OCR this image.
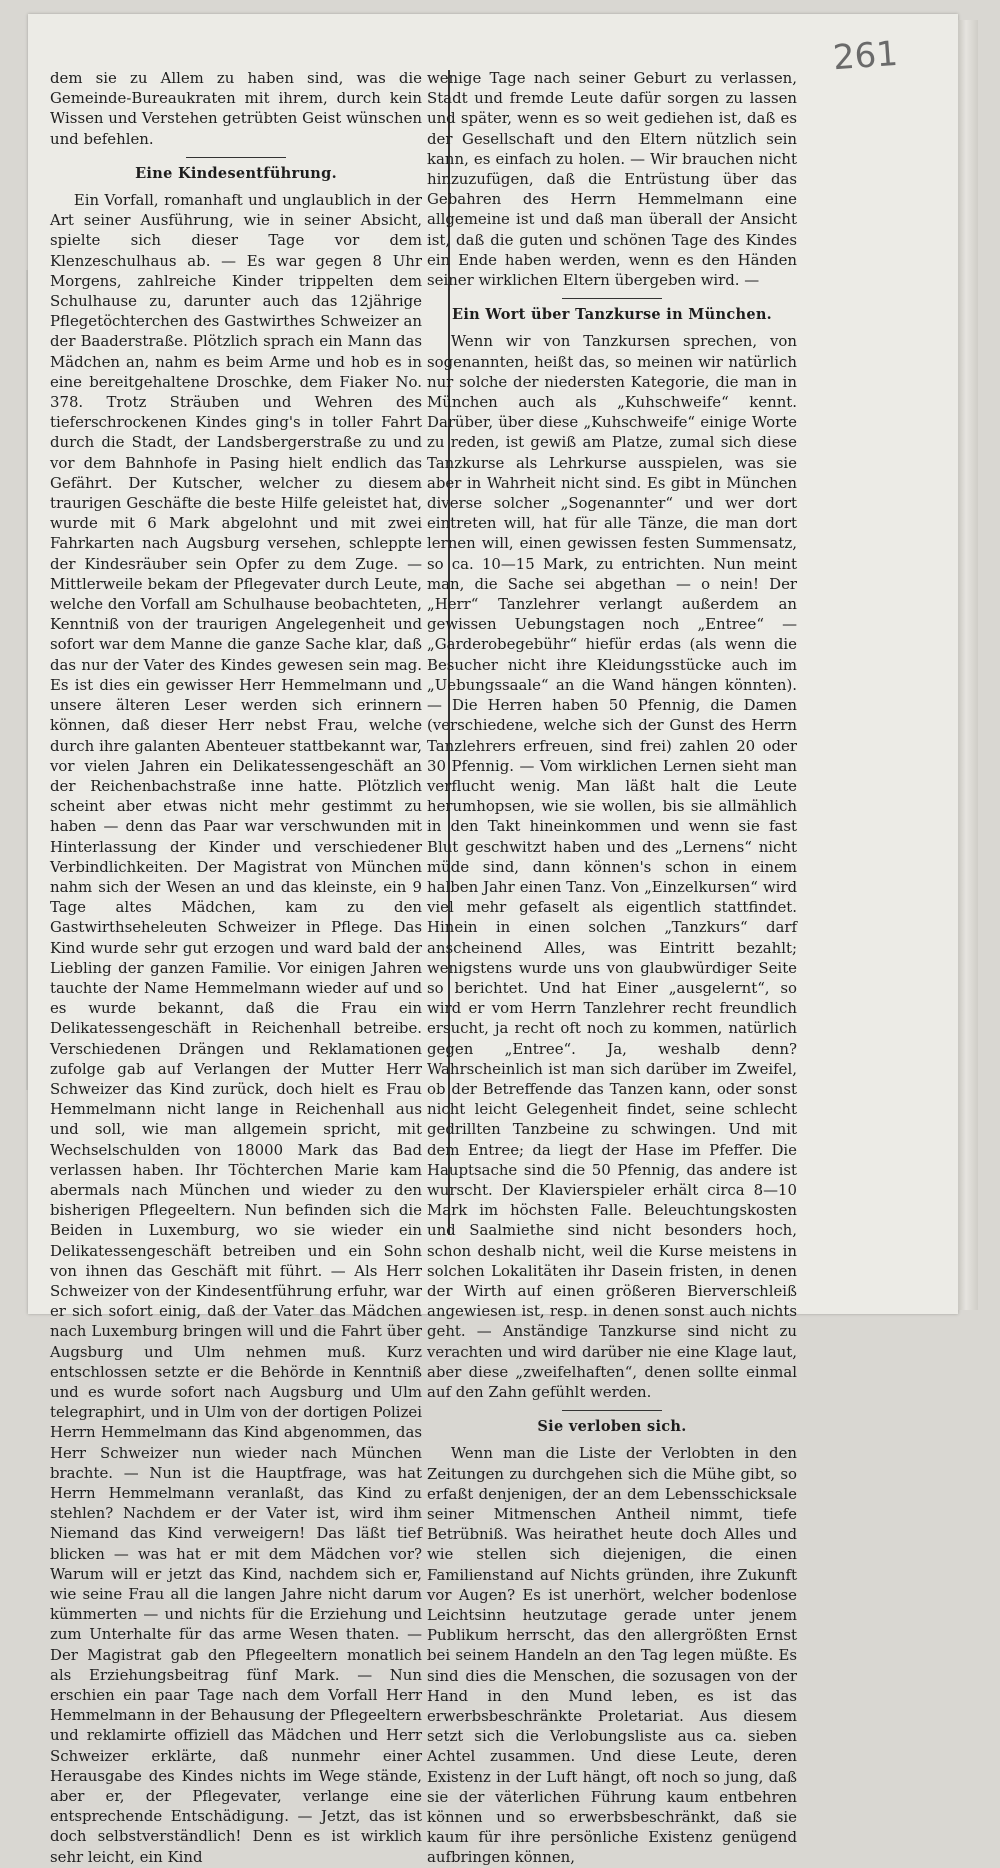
261

dem sie zu Allem zu haben sind, was die Gemeinde-Bureaukraten mit ihrem, durch kein Wissen und Verstehen getrübten Geist wünschen und befehlen.

Eine Kindesentführung.

Ein Vorfall, romanhaft und unglaublich in der Art seiner Ausführung, wie in seiner Absicht, spielte sich dieser Tage vor dem Klenzeschulhaus ab. — Es war gegen 8 Uhr Morgens, zahlreiche Kinder trippelten dem Schulhause zu, darunter auch das 12jährige Pflegetöchterchen des Gastwirthes Schweizer an der Baaderstraße. Plötzlich sprach ein Mann das Mädchen an, nahm es beim Arme und hob es in eine bereitgehaltene Droschke, dem Fiaker No. 378. Trotz Sträuben und Wehren des tieferschrockenen Kindes ging's in toller Fahrt durch die Stadt, der Landsbergerstraße zu und vor dem Bahnhofe in Pasing hielt endlich das Gefährt. Der Kutscher, welcher zu diesem traurigen Geschäfte die beste Hilfe geleistet hat, wurde mit 6 Mark abgelohnt und mit zwei Fahrkarten nach Augsburg versehen, schleppte der Kindesräuber sein Opfer zu dem Zuge. — Mittlerweile bekam der Pflegevater durch Leute, welche den Vorfall am Schulhause beobachteten, Kenntniß von der traurigen Angelegenheit und sofort war dem Manne die ganze Sache klar, daß das nur der Vater des Kindes gewesen sein mag. Es ist dies ein gewisser Herr Hemmelmann und unsere älteren Leser werden sich erinnern können, daß dieser Herr nebst Frau, welche durch ihre galanten Abenteuer stattbekannt war, vor vielen Jahren ein Delikatessengeschäft an der Reichenbachstraße inne hatte. Plötzlich scheint aber etwas nicht mehr gestimmt zu haben — denn das Paar war verschwunden mit Hinterlassung der Kinder und verschiedener Verbindlichkeiten. Der Magistrat von München nahm sich der Wesen an und das kleinste, ein 9 Tage altes Mädchen, kam zu den Gastwirthseheleuten Schweizer in Pflege. Das Kind wurde sehr gut erzogen und ward bald der Liebling der ganzen Familie. Vor einigen Jahren tauchte der Name Hemmelmann wieder auf und es wurde bekannt, daß die Frau ein Delikatessengeschäft in Reichenhall betreibe. Verschiedenen Drängen und Reklamationen zufolge gab auf Verlangen der Mutter Herr Schweizer das Kind zurück, doch hielt es Frau Hemmelmann nicht lange in Reichenhall aus und soll, wie man allgemein spricht, mit Wechselschulden von 18000 Mark das Bad verlassen haben. Ihr Töchterchen Marie kam abermals nach München und wieder zu den bisherigen Pflegeeltern. Nun befinden sich die Beiden in Luxemburg, wo sie wieder ein Delikatessengeschäft betreiben und ein Sohn von ihnen das Geschäft mit führt. — Als Herr Schweizer von der Kindesentführung erfuhr, war er sich sofort einig, daß der Vater das Mädchen nach Luxemburg bringen will und die Fahrt über Augsburg und Ulm nehmen muß. Kurz entschlossen setzte er die Behörde in Kenntniß und es wurde sofort nach Augsburg und Ulm telegraphirt, und in Ulm von der dortigen Polizei Herrn Hemmelmann das Kind abgenommen, das Herr Schweizer nun wieder nach München brachte. — Nun ist die Hauptfrage, was hat Herrn Hemmelmann veranlaßt, das Kind zu stehlen? Nachdem er der Vater ist, wird ihm Niemand das Kind verweigern! Das läßt tief blicken — was hat er mit dem Mädchen vor? Warum will er jetzt das Kind, nachdem sich er, wie seine Frau all die langen Jahre nicht darum kümmerten — und nichts für die Erziehung und zum Unterhalte für das arme Wesen thaten. — Der Magistrat gab den Pflegeeltern monatlich als Erziehungsbeitrag fünf Mark. — Nun erschien ein paar Tage nach dem Vorfall Herr Hemmelmann in der Behausung der Pflegeeltern und reklamirte offiziell das Mädchen und Herr Schweizer erklärte, daß nunmehr einer Herausgabe des Kindes nichts im Wege stände, aber er, der Pflegevater, verlange eine entsprechende Entschädigung. — Jetzt, das ist doch selbstverständlich! Denn es ist wirklich sehr leicht, ein Kind

wenige Tage nach seiner Geburt zu verlassen, Stadt und fremde Leute dafür sorgen zu lassen und später, wenn es so weit gediehen ist, daß es der Gesellschaft und den Eltern nützlich sein kann, es einfach zu holen. — Wir brauchen nicht hinzuzufügen, daß die Entrüstung über das Gebahren des Herrn Hemmelmann eine allgemeine ist und daß man überall der Ansicht ist, daß die guten und schönen Tage des Kindes ein Ende haben werden, wenn es den Händen seiner wirklichen Eltern übergeben wird. —

Ein Wort über Tanzkurse in München.

Wenn wir von Tanzkursen sprechen, von sogenannten, heißt das, so meinen wir natürlich nur solche der niedersten Kategorie, die man in München auch als „Kuhschweife“ kennt. Darüber, über diese „Kuhschweife“ einige Worte zu reden, ist gewiß am Platze, zumal sich diese Tanzkurse als Lehrkurse ausspielen, was sie aber in Wahrheit nicht sind. Es gibt in München diverse solcher „Sogenannter“ und wer dort eintreten will, hat für alle Tänze, die man dort lernen will, einen gewissen festen Summensatz, so ca. 10—15 Mark, zu entrichten. Nun meint man, die Sache sei abgethan — o nein! Der „Herr“ Tanzlehrer verlangt außerdem an gewissen Uebungstagen noch „Entree“ — „Garderobegebühr“ hiefür erdas (als wenn die Besucher nicht ihre Kleidungsstücke auch im „Uebungssaale“ an die Wand hängen könnten). — Die Herren haben 50 Pfennig, die Damen (verschiedene, welche sich der Gunst des Herrn Tanzlehrers erfreuen, sind frei) zahlen 20 oder 30 Pfennig. — Vom wirklichen Lernen sieht man verflucht wenig. Man läßt halt die Leute herumhopsen, wie sie wollen, bis sie allmählich in den Takt hineinkommen und wenn sie fast Blut geschwitzt haben und des „Lernens“ nicht müde sind, dann können's schon in einem halben Jahr einen Tanz. Von „Einzelkursen“ wird viel mehr gefaselt als eigentlich stattfindet. Hinein in einen solchen „Tanzkurs“ darf anscheinend Alles, was Eintritt bezahlt; wenigstens wurde uns von glaubwürdiger Seite so berichtet. Und hat Einer „ausgelernt“, so wird er vom Herrn Tanzlehrer recht freundlich ersucht, ja recht oft noch zu kommen, natürlich gegen „Entree“. Ja, weshalb denn? Wahrscheinlich ist man sich darüber im Zweifel, ob der Betreffende das Tanzen kann, oder sonst nicht leicht Gelegenheit findet, seine schlecht gedrillten Tanzbeine zu schwingen. Und mit dem Entree; da liegt der Hase im Pfeffer. Die Hauptsache sind die 50 Pfennig, das andere ist wurscht. Der Klavierspieler erhält circa 8—10 Mark im höchsten Falle. Beleuchtungskosten und Saalmiethe sind nicht besonders hoch, schon deshalb nicht, weil die Kurse meistens in solchen Lokalitäten ihr Dasein fristen, in denen der Wirth auf einen größeren Bierverschleiß angewiesen ist, resp. in denen sonst auch nichts geht. — Anständige Tanzkurse sind nicht zu verachten und wird darüber nie eine Klage laut, aber diese „zweifelhaften“, denen sollte einmal auf den Zahn gefühlt werden.

Sie verloben sich.

Wenn man die Liste der Verlobten in den Zeitungen zu durchgehen sich die Mühe gibt, so erfaßt denjenigen, der an dem Lebensschicksale seiner Mitmenschen Antheil nimmt, tiefe Betrübniß. Was heirathet heute doch Alles und wie stellen sich diejenigen, die einen Familienstand auf Nichts gründen, ihre Zukunft vor Augen? Es ist unerhört, welcher bodenlose Leichtsinn heutzutage gerade unter jenem Publikum herrscht, das den allergrößten Ernst bei seinem Handeln an den Tag legen müßte. Es sind dies die Menschen, die sozusagen von der Hand in den Mund leben, es ist das erwerbsbeschränkte Proletariat. Aus diesem setzt sich die Verlobungsliste aus ca. sieben Achtel zusammen. Und diese Leute, deren Existenz in der Luft hängt, oft noch so jung, daß sie der väterlichen Führung kaum entbehren können und so erwerbsbeschränkt, daß sie kaum für ihre persönliche Existenz genügend aufbringen können,
